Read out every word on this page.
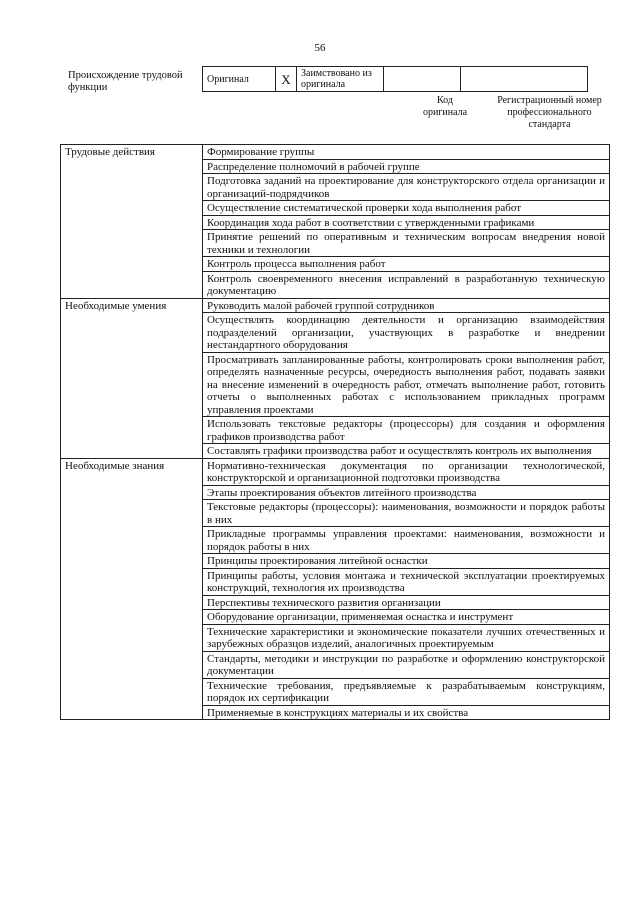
56
Происхождение трудовой функции
Оригинал	X	Заимствовано из оригинала		
Код оригинала
Регистрационный номер профессионального стандарта
Трудовые действия	Формирование группы
	Распределение полномочий в рабочей группе
	Подготовка заданий на проектирование для конструкторского отдела организации и организаций-подрядчиков
	Осуществление систематической проверки хода выполнения работ
	Координация хода работ в соответствии с утвержденными графиками
	Принятие решений по оперативным и техническим вопросам внедрения новой техники и технологии
	Контроль процесса выполнения работ
	Контроль своевременного внесения исправлений в разработанную техническую документацию
Необходимые умения	Руководить малой рабочей группой сотрудников
	Осуществлять координацию деятельности и организацию взаимодействия подразделений организации, участвующих в разработке и внедрении нестандартного оборудования
	Просматривать запланированные работы, контролировать сроки выполнения работ, определять назначенные ресурсы, очередность выполнения работ, подавать заявки на внесение изменений в очередность работ, отмечать выполнение работ, готовить отчеты о выполненных работах с использованием прикладных программ управления проектами
	Использовать текстовые редакторы (процессоры) для создания и оформления графиков производства работ
	Составлять графики производства работ и осуществлять контроль их выполнения
Необходимые знания	Нормативно-техническая документация по организации технологической, конструкторской и организационной подготовки производства
	Этапы проектирования объектов литейного производства
	Текстовые редакторы (процессоры): наименования, возможности и порядок работы в них
	Прикладные программы управления проектами: наименования, возможности и порядок работы в них
	Принципы проектирования литейной оснастки
	Принципы работы, условия монтажа и технической эксплуатации проектируемых конструкций, технология их производства
	Перспективы технического развития организации
	Оборудование организации, применяемая оснастка и инструмент
	Технические характеристики и экономические показатели лучших отечественных и зарубежных образцов изделий, аналогичных проектируемым
	Стандарты, методики и инструкции по разработке и оформлению конструкторской документации
	Технические требования, предъявляемые к разрабатываемым конструкциям, порядок их сертификации
	Применяемые в конструкциях материалы и их свойства
